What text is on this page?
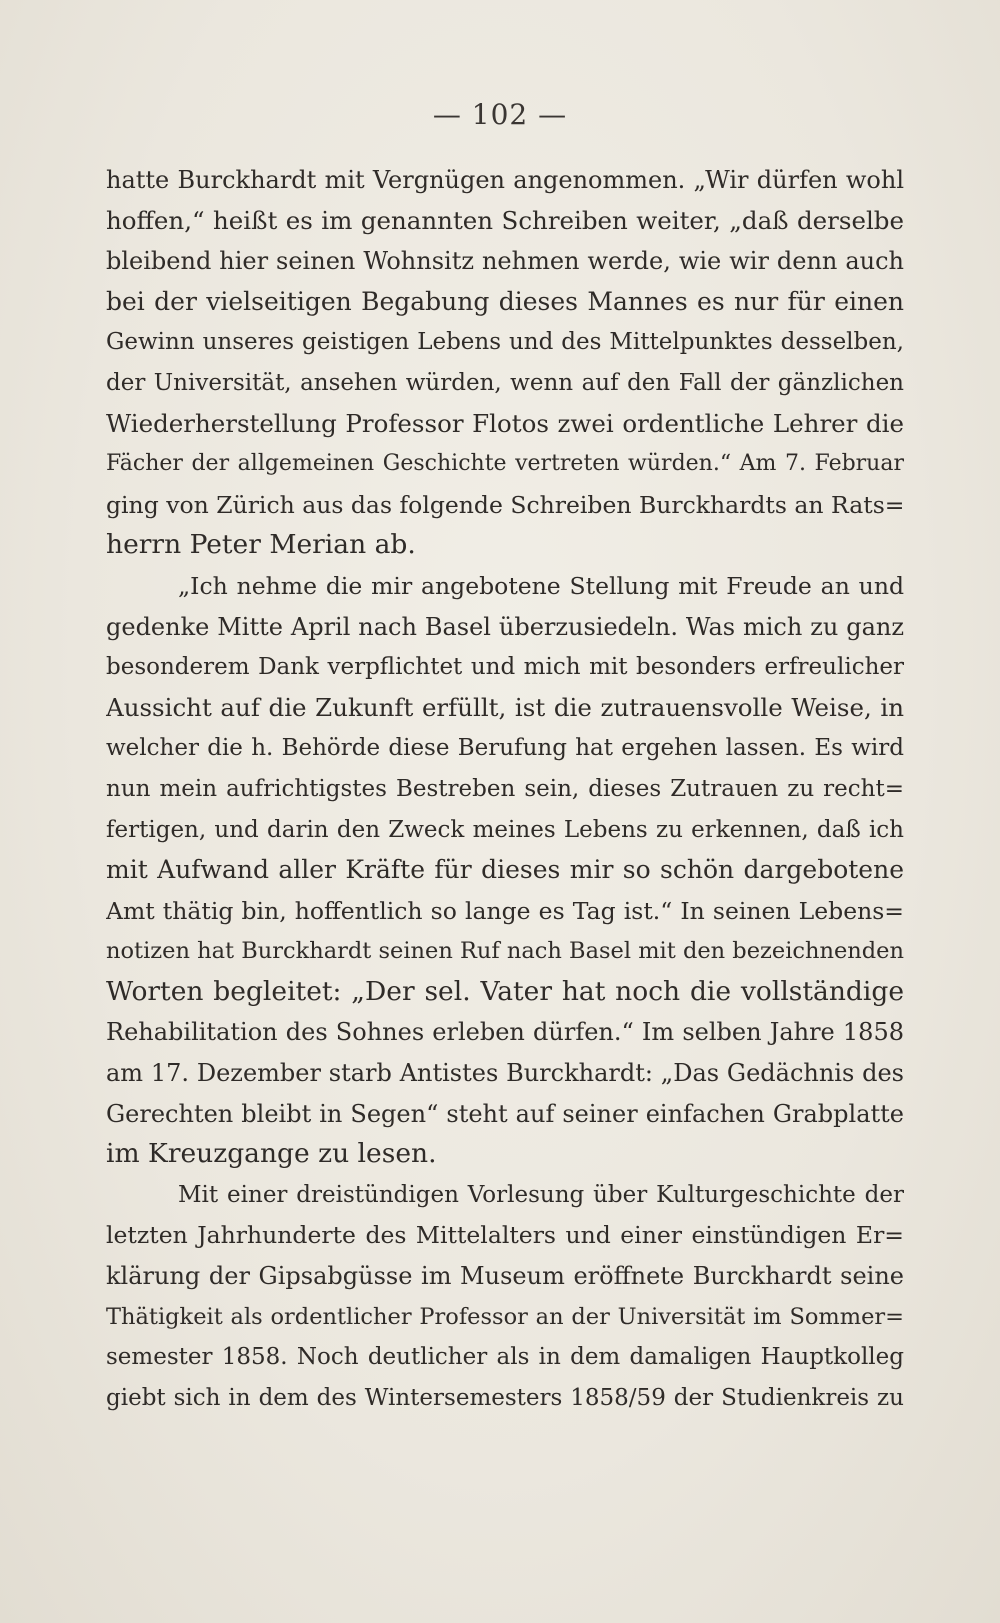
— 102 —
hatte Burckhardt mit Vergnügen angenommen. „Wir dürfen wohl
hoffen,“ heißt es im genannten Schreiben weiter, „daß derselbe
bleibend hier seinen Wohnsitz nehmen werde, wie wir denn auch
bei der vielseitigen Begabung dieses Mannes es nur für einen
Gewinn unseres geistigen Lebens und des Mittelpunktes desselben,
der Universität, ansehen würden, wenn auf den Fall der gänzlichen
Wiederherstellung Professor Flotos zwei ordentliche Lehrer die
Fächer der allgemeinen Geschichte vertreten würden.“ Am 7. Februar
ging von Zürich aus das folgende Schreiben Burckhardts an Rats=
herrn Peter Merian ab.
„Ich nehme die mir angebotene Stellung mit Freude an und
gedenke Mitte April nach Basel überzusiedeln. Was mich zu ganz
besonderem Dank verpflichtet und mich mit besonders erfreulicher
Aussicht auf die Zukunft erfüllt, ist die zutrauensvolle Weise, in
welcher die h. Behörde diese Berufung hat ergehen lassen. Es wird
nun mein aufrichtigstes Bestreben sein, dieses Zutrauen zu recht=
fertigen, und darin den Zweck meines Lebens zu erkennen, daß ich
mit Aufwand aller Kräfte für dieses mir so schön dargebotene
Amt thätig bin, hoffentlich so lange es Tag ist.“ In seinen Lebens=
notizen hat Burckhardt seinen Ruf nach Basel mit den bezeichnenden
Worten begleitet: „Der sel. Vater hat noch die vollständige
Rehabilitation des Sohnes erleben dürfen.“ Im selben Jahre 1858
am 17. Dezember starb Antistes Burckhardt: „Das Gedächnis des
Gerechten bleibt in Segen“ steht auf seiner einfachen Grabplatte
im Kreuzgange zu lesen.
Mit einer dreistündigen Vorlesung über Kulturgeschichte der
letzten Jahrhunderte des Mittelalters und einer einstündigen Er=
klärung der Gipsabgüsse im Museum eröffnete Burckhardt seine
Thätigkeit als ordentlicher Professor an der Universität im Sommer=
semester 1858. Noch deutlicher als in dem damaligen Hauptkolleg
giebt sich in dem des Wintersemesters 1858/59 der Studienkreis zu
